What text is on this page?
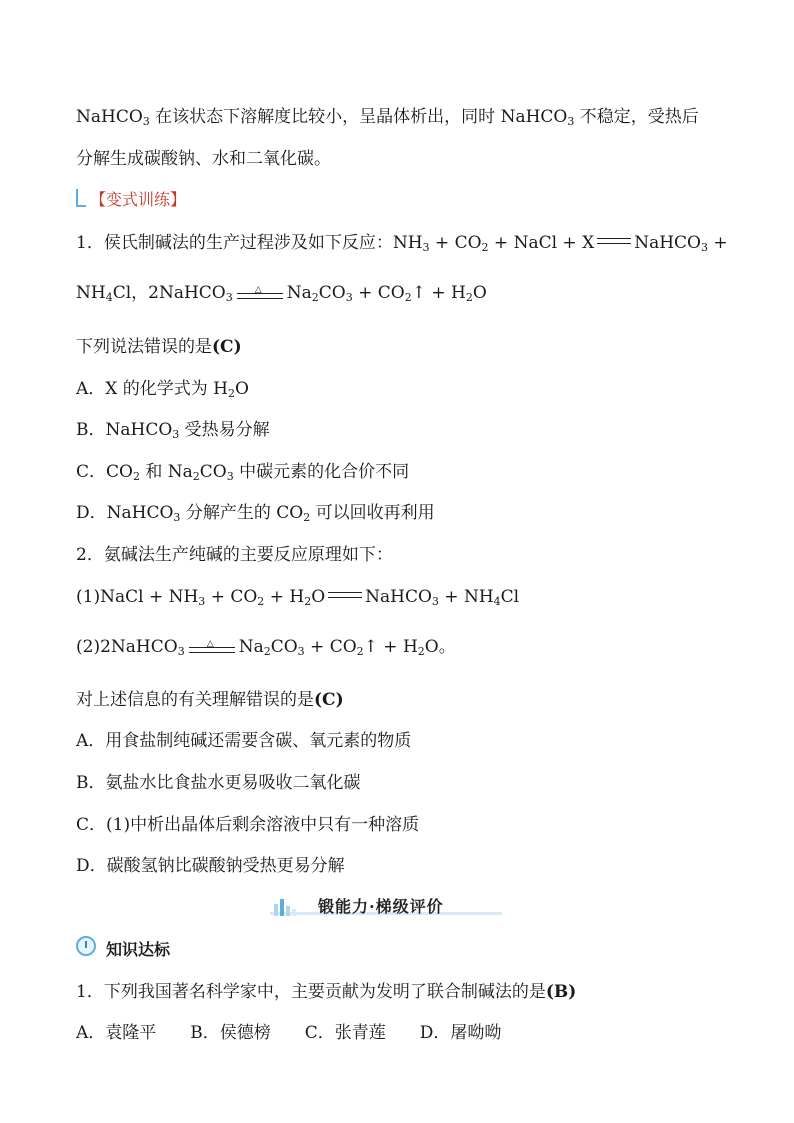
NaHCO$_3$ 在该状态下溶解度比较小，呈晶体析出，同时 NaHCO$_3$ 不稳定，受热后
分解生成碳酸钠、水和二氧化碳。
【变式训练】
1．侯氏制碱法的生产过程涉及如下反应：$NH_3 + CO_2$ + NaCl + X NaHCO$_3$ +
$NH_4Cl$，2NaHCO$_3$
△ $Na_2CO_3$ + $CO_2↑ + H_2O$
下列说法错误的是(C)
A．X 的化学式为 $H_2O$
B．NaHCO$_3$ 受热易分解
C．$CO_2$ 和 $Na_2CO_3$ 中碳元素的化合价不同
D．NaHCO$_3$ 分解产生的 $CO_2$ 可以回收再利用
2．氨碱法生产纯碱的主要反应原理如下：
(1)NaCl + $NH_3 + CO_2 + H_2O$ NaHCO$_3$ + $NH_4Cl$
(2)2NaHCO$_3$
△ $Na_2CO_3$ + $CO_2↑ + H_2O$。
对上述信息的有关理解错误的是(C)
A．用食盐制纯碱还需要含碳、氧元素的物质
B．氨盐水比食盐水更易吸收二氧化碳
C．(1)中析出晶体后剩余溶液中只有一种溶质
D．碳酸氢钠比碳酸钠受热更易分解
锻能力·梯级评价
知识达标
1．下列我国著名科学家中，主要贡献为发明了联合制碱法的是(B)
A．袁隆平　　B．侯德榜　　C．张青莲　　D．屠呦呦
